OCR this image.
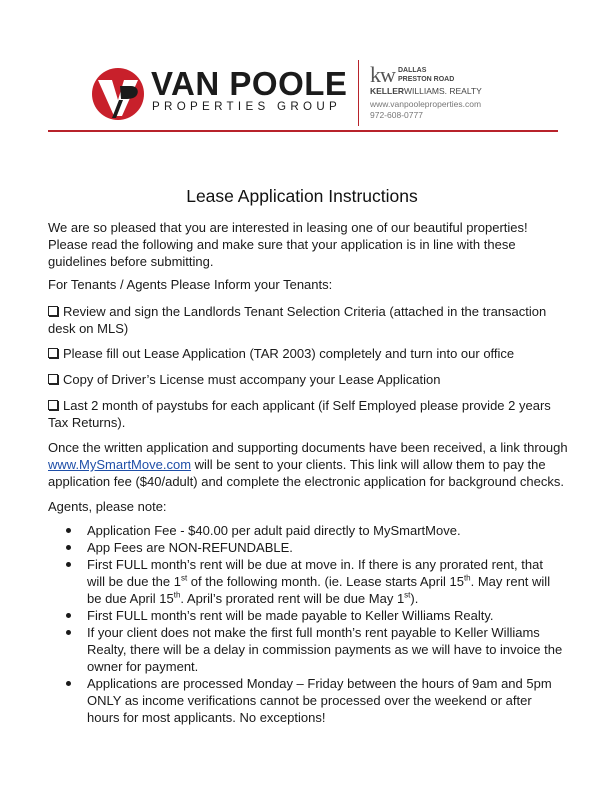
VAN POOLE
PROPERTIES GROUP
kw DALLAS
PRESTON ROAD
KELLERWILLIAMS. REALTY
www.vanpooleproperties.com
972-608-0777
Lease Application Instructions
We are so pleased that you are interested in leasing one of our beautiful properties! Please read the following and make sure that your application is in line with these guidelines before submitting.
For Tenants / Agents Please Inform your Tenants:
Review and sign the Landlords Tenant Selection Criteria (attached in the transaction desk on MLS)
Please fill out Lease Application (TAR 2003) completely and turn into our office
Copy of Driver’s License must accompany your Lease Application
Last 2 month of paystubs for each applicant (if Self Employed please provide 2 years Tax Returns).
Once the written application and supporting documents have been received, a link through www.MySmartMove.com will be sent to your clients. This link will allow them to pay the application fee ($40/adult) and complete the electronic application for background checks.
Agents, please note:
Application Fee - $40.00 per adult paid directly to MySmartMove.
App Fees are NON-REFUNDABLE.
First FULL month’s rent will be due at move in. If there is any prorated rent, that will be due the 1st of the following month. (ie. Lease starts April 15th. May rent will be due April 15th. April’s prorated rent will be due May 1st).
First FULL month’s rent will be made payable to Keller Williams Realty.
If your client does not make the first full month’s rent payable to Keller Williams Realty, there will be a delay in commission payments as we will have to invoice the owner for payment.
Applications are processed Monday – Friday between the hours of 9am and 5pm ONLY as income verifications cannot be processed over the weekend or after hours for most applicants. No exceptions!
